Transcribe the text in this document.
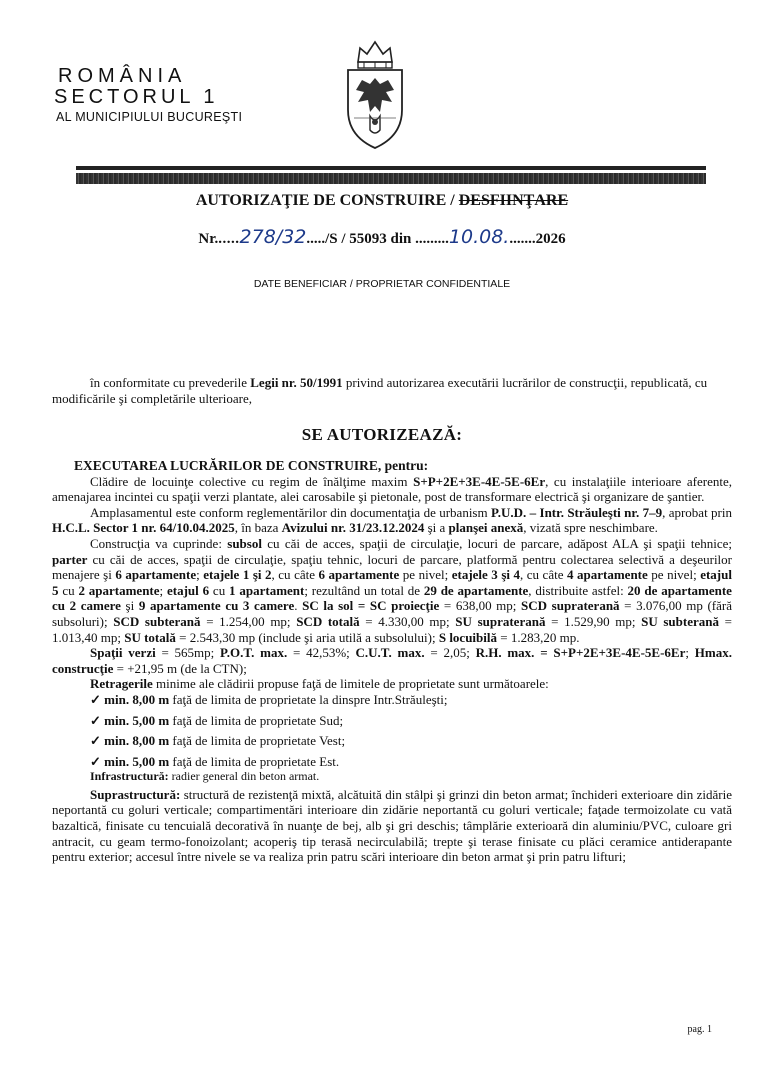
ROMÂNIA
SECTORUL 1
AL MUNICIPIULUI BUCUREŞTI
AUTORIZAŢIE DE CONSTRUIRE / DESFIINŢARE
Nr......278/32...../S / 55093 din .........10.08........2026
DATE BENEFICIAR / PROPRIETAR CONFIDENTIALE
în conformitate cu prevederile Legii nr. 50/1991 privind autorizarea executării lucrărilor de construcţii, republicată, cu modificările şi completările ulterioare,
SE AUTORIZEAZĂ:

EXECUTAREA LUCRĂRILOR DE CONSTRUIRE, pentru:

Clădire de locuinţe colective cu regim de înălţime maxim S+P+2E+3E-4E-5E-6Er, cu instalaţiile interioare aferente, amenajarea incintei cu spaţii verzi plantate, alei carosabile şi pietonale, post de transformare electrică şi organizare de şantier.

Amplasamentul este conform reglementărilor din documentaţia de urbanism P.U.D. – Intr. Străuleşti nr. 7–9, aprobat prin H.C.L. Sector 1 nr. 64/10.04.2025, în baza Avizului nr. 31/23.12.2024 şi a planşei anexă, vizată spre neschimbare.

Construcţia va cuprinde: subsol cu căi de acces, spaţii de circulaţie, locuri de parcare, adăpost ALA şi spaţii tehnice; parter cu căi de acces, spaţii de circulaţie, spaţiu tehnic, locuri de parcare, platformă pentru colectarea selectivă a deşeurilor menajere şi 6 apartamente; etajele 1 şi 2, cu câte 6 apartamente pe nivel; etajele 3 şi 4, cu câte 4 apartamente pe nivel; etajul 5 cu 2 apartamente; etajul 6 cu 1 apartament; rezultând un total de 29 de apartamente, distribuite astfel: 20 de apartamente cu 2 camere şi 9 apartamente cu 3 camere. SC la sol = SC proiecţie = 638,00 mp; SCD supraterană = 3.076,00 mp (fără subsoluri); SCD subterană = 1.254,00 mp; SCD totală = 4.330,00 mp; SU supraterană = 1.529,90 mp; SU subterană = 1.013,40 mp; SU totală = 2.543,30 mp (include şi aria utilă a subsolului); S locuibilă = 1.283,20 mp.

Spaţii verzi = 565mp; P.O.T. max. = 42,53%; C.U.T. max. = 2,05; R.H. max. = S+P+2E+3E-4E-5E-6Er; Hmax. construcţie = +21,95 m (de la CTN);

Retragerile minime ale clădirii propuse faţă de limitele de proprietate sunt următoarele:

✓ min. 8,00 m faţă de limita de proprietate la dinspre Intr.Străuleşti;

✓ min. 5,00 m faţă de limita de proprietate Sud;

✓ min. 8,00 m faţă de limita de proprietate Vest;

✓ min. 5,00 m faţă de limita de proprietate Est.

Infrastructură: radier general din beton armat.

Suprastructură: structură de rezistenţă mixtă, alcătuită din stâlpi şi grinzi din beton armat; închideri exterioare din zidărie neportantă cu goluri verticale; compartimentări interioare din zidărie neportantă cu goluri verticale; faţade termoizolate cu vată bazaltică, finisate cu tencuială decorativă în nuanţe de bej, alb şi gri deschis; tâmplărie exterioară din aluminiu/PVC, culoare gri antracit, cu geam termo-fonoizolant; acoperiş tip terasă necirculabilă; trepte şi terase finisate cu plăci ceramice antiderapante pentru exterior; accesul între nivele se va realiza prin patru scări interioare din beton armat şi prin patru lifturi;

pag. 1
